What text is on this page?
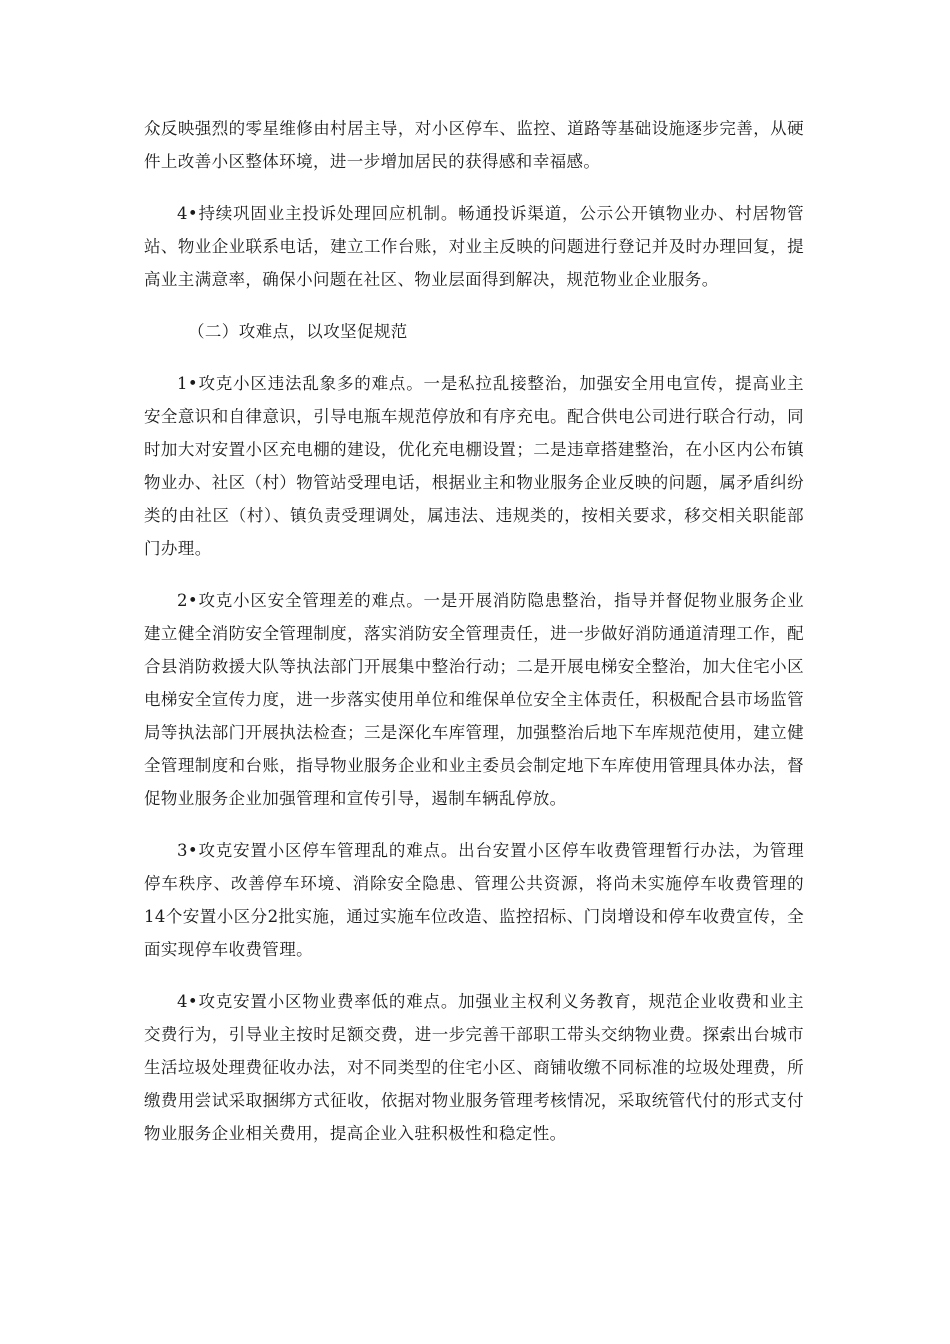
众反映强烈的零星维修由村居主导，对小区停车、监控、道路等基础设施逐步完善，从硬件上改善小区整体环境，进一步增加居民的获得感和幸福感。

4•持续巩固业主投诉处理回应机制。畅通投诉渠道，公示公开镇物业办、村居物管站、物业企业联系电话，建立工作台账，对业主反映的问题进行登记并及时办理回复，提高业主满意率，确保小问题在社区、物业层面得到解决，规范物业企业服务。

（二）攻难点，以攻坚促规范

1•攻克小区违法乱象多的难点。一是私拉乱接整治，加强安全用电宣传，提高业主安全意识和自律意识，引导电瓶车规范停放和有序充电。配合供电公司进行联合行动，同时加大对安置小区充电棚的建设，优化充电棚设置；二是违章搭建整治，在小区内公布镇物业办、社区（村）物管站受理电话，根据业主和物业服务企业反映的问题，属矛盾纠纷类的由社区（村）、镇负责受理调处，属违法、违规类的，按相关要求，移交相关职能部门办理。

2•攻克小区安全管理差的难点。一是开展消防隐患整治，指导并督促物业服务企业建立健全消防安全管理制度，落实消防安全管理责任，进一步做好消防通道清理工作，配合县消防救援大队等执法部门开展集中整治行动；二是开展电梯安全整治，加大住宅小区电梯安全宣传力度，进一步落实使用单位和维保单位安全主体责任，积极配合县市场监管局等执法部门开展执法检查；三是深化车库管理，加强整治后地下车库规范使用，建立健全管理制度和台账，指导物业服务企业和业主委员会制定地下车库使用管理具体办法，督促物业服务企业加强管理和宣传引导，遏制车辆乱停放。

3•攻克安置小区停车管理乱的难点。出台安置小区停车收费管理暂行办法，为管理停车秩序、改善停车环境、消除安全隐患、管理公共资源，将尚未实施停车收费管理的14个安置小区分2批实施，通过实施车位改造、监控招标、门岗增设和停车收费宣传，全面实现停车收费管理。

4•攻克安置小区物业费率低的难点。加强业主权利义务教育，规范企业收费和业主交费行为，引导业主按时足额交费，进一步完善干部职工带头交纳物业费。探索出台城市生活垃圾处理费征收办法，对不同类型的住宅小区、商铺收缴不同标准的垃圾处理费，所缴费用尝试采取捆绑方式征收，依据对物业服务管理考核情况，采取统管代付的形式支付物业服务企业相关费用，提高企业入驻积极性和稳定性。
